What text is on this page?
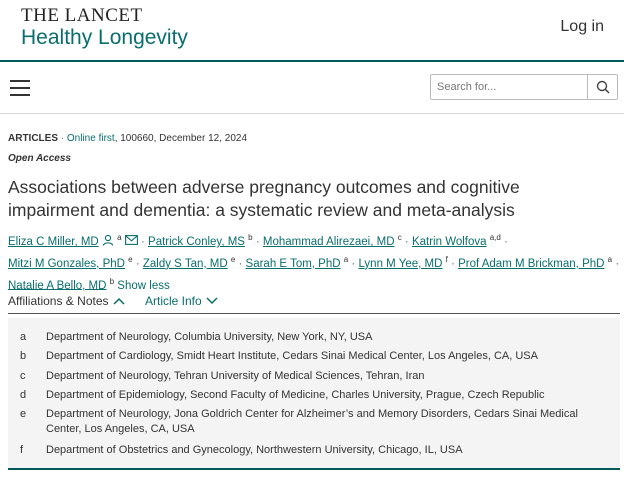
THE LANCET
Healthy Longevity	Log in
Search for...
ARTICLES · Online first, 100660, December 12, 2024
Open Access
Associations between adverse pregnancy outcomes and cognitive impairment and dementia: a systematic review and meta-analysis
Eliza C Miller, MD $^a$  · Patrick Conley, MS $^b$ · Mohammad Alirezaei, MD $^c$ · Katrin Wolfova $^{a,d}$ ·
Mitzi M Gonzales, PhD $^e$ · Zaldy S Tan, MD $^e$ · Sarah E Tom, PhD $^a$ · Lynn M Yee, MD $^f$ · Prof Adam M Brickman, PhD $^a$ ·
Natalie A Bello, MD $^b$ Show less
Affiliations & Notes	Article Info
a	Department of Neurology, Columbia University, New York, NY, USA
b	Department of Cardiology, Smidt Heart Institute, Cedars Sinai Medical Center, Los Angeles, CA, USA
c	Department of Neurology, Tehran University of Medical Sciences, Tehran, Iran
d	Department of Epidemiology, Second Faculty of Medicine, Charles University, Prague, Czech Republic
e	Department of Neurology, Jona Goldrich Center for Alzheimer’s and Memory Disorders, Cedars Sinai Medical Center, Los Angeles, CA, USA
f	Department of Obstetrics and Gynecology, Northwestern University, Chicago, IL, USA
